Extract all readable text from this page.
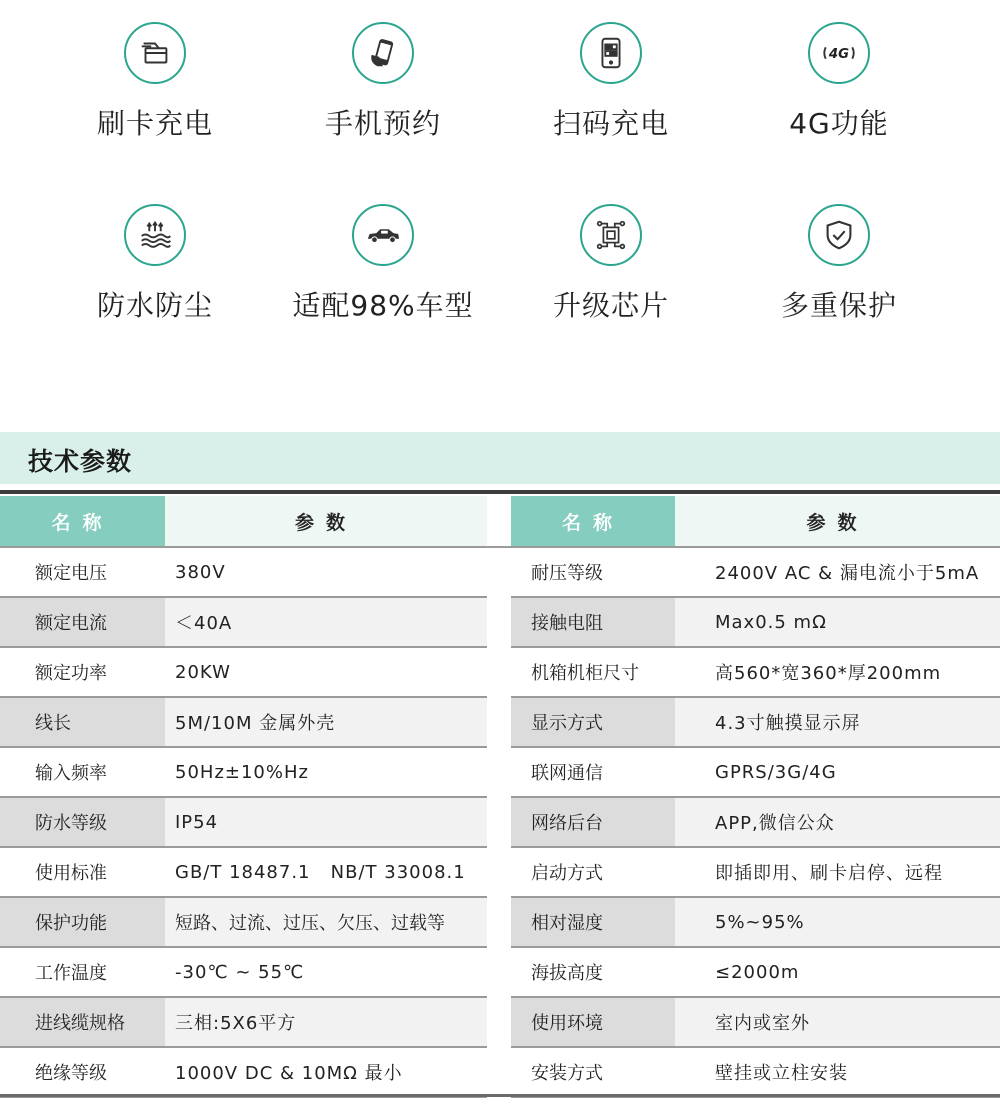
刷卡充电	手机预约	扫码充电
4G
4G功能
防水防尘	适配98%车型	升级芯片	多重保护
技术参数
名称	参数		名称	参数
额定电压	380V		耐压等级	2400V AC & 漏电流小于5mA
额定电流	＜40A		接触电阻	Max0.5 mΩ
额定功率	20KW		机箱机柜尺寸	高560*宽360*厚200mm
线长	5M/10M 金属外壳		显示方式	4.3寸触摸显示屏
输入频率	50Hz±10%Hz		联网通信	GPRS/3G/4G
防水等级	IP54		网络后台	APP,微信公众
使用标准	GB/T 18487.1   NB/T 33008.1		启动方式	即插即用、刷卡启停、远程
保护功能	短路、过流、过压、欠压、过载等		相对湿度	5%~95%
工作温度	-30℃ ~ 55℃		海拔高度	≤2000m
进线缆规格	三相:5X6平方		使用环境	室内或室外
绝缘等级	1000V DC & 10MΩ 最小		安装方式	壁挂或立柱安装
